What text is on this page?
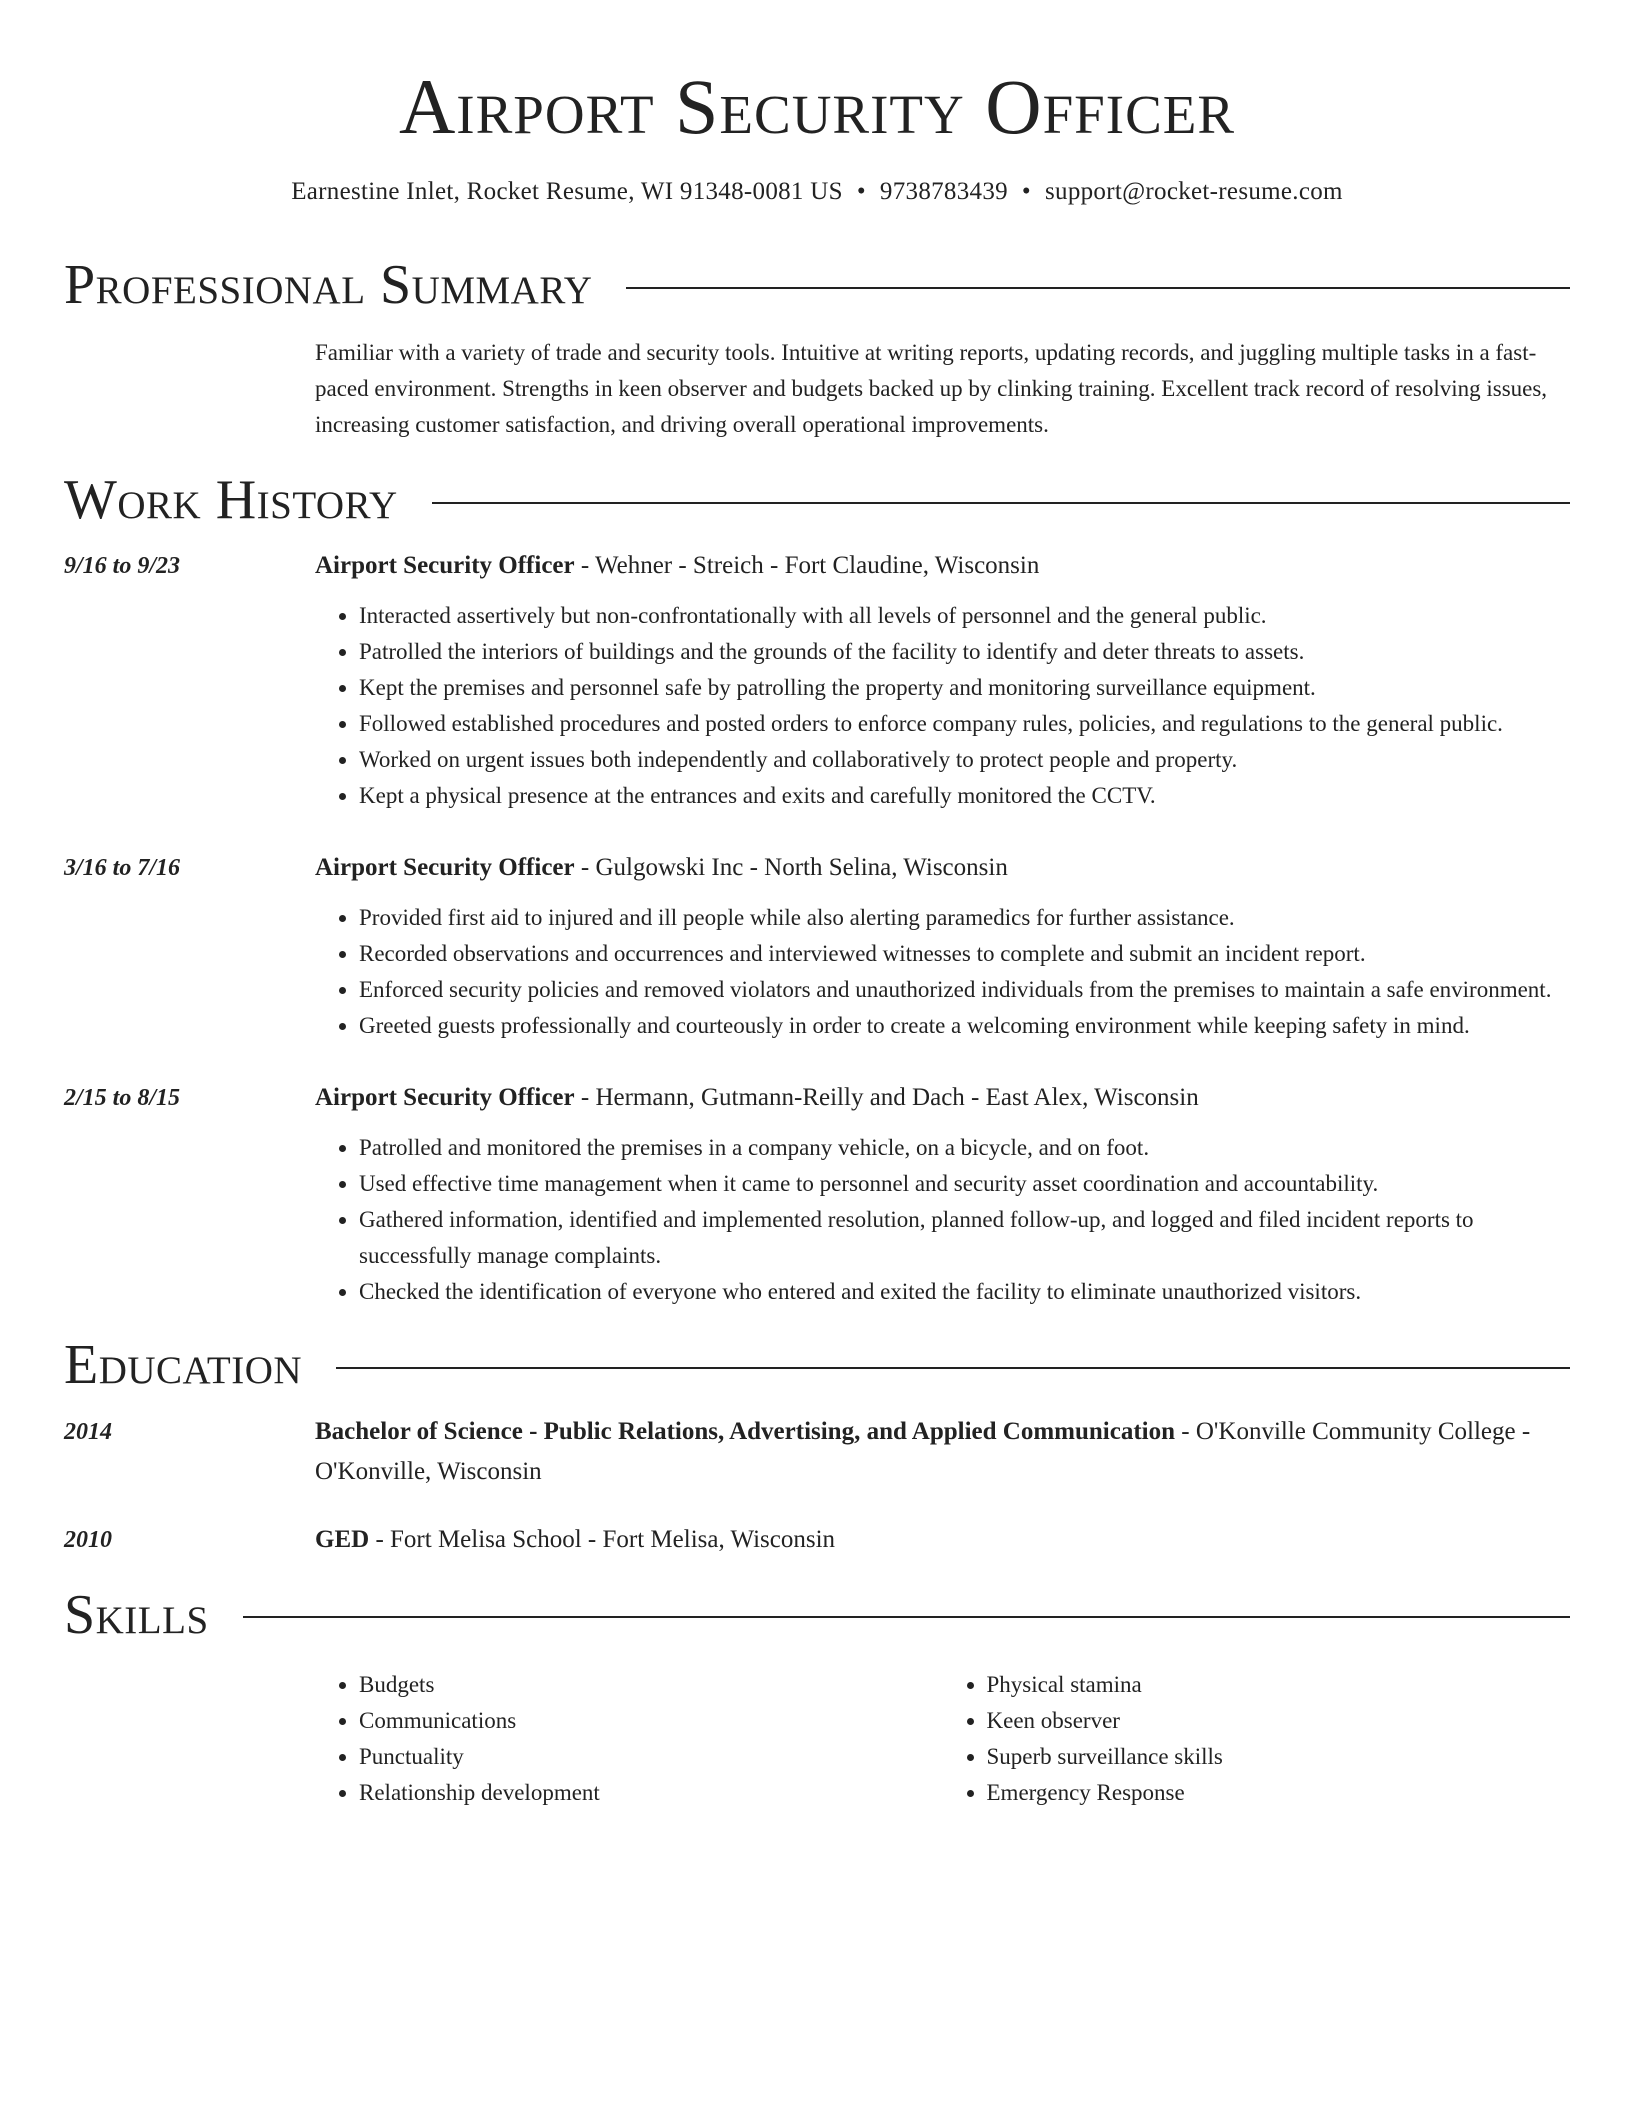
Airport Security Officer
Earnestine Inlet, Rocket Resume, WI 91348-0081 US • 9738783439 • support@rocket-resume.com
Professional Summary
Familiar with a variety of trade and security tools. Intuitive at writing reports, updating records, and juggling multiple tasks in a fast-paced environment. Strengths in keen observer and budgets backed up by clinking training. Excellent track record of resolving issues, increasing customer satisfaction, and driving overall operational improvements.
Work History
9/16 to 9/23	Airport Security Officer - Wehner - Streich - Fort Claudine, Wisconsin
• Interacted assertively but non-confrontationally with all levels of personnel and the general public.
• Patrolled the interiors of buildings and the grounds of the facility to identify and deter threats to assets.
• Kept the premises and personnel safe by patrolling the property and monitoring surveillance equipment.
• Followed established procedures and posted orders to enforce company rules, policies, and regulations to the general public.
• Worked on urgent issues both independently and collaboratively to protect people and property.
• Kept a physical presence at the entrances and exits and carefully monitored the CCTV.
3/16 to 7/16	Airport Security Officer - Gulgowski Inc - North Selina, Wisconsin
• Provided first aid to injured and ill people while also alerting paramedics for further assistance.
• Recorded observations and occurrences and interviewed witnesses to complete and submit an incident report.
• Enforced security policies and removed violators and unauthorized individuals from the premises to maintain a safe environment.
• Greeted guests professionally and courteously in order to create a welcoming environment while keeping safety in mind.
2/15 to 8/15	Airport Security Officer - Hermann, Gutmann-Reilly and Dach - East Alex, Wisconsin
• Patrolled and monitored the premises in a company vehicle, on a bicycle, and on foot.
• Used effective time management when it came to personnel and security asset coordination and accountability.
• Gathered information, identified and implemented resolution, planned follow-up, and logged and filed incident reports to successfully manage complaints.
• Checked the identification of everyone who entered and exited the facility to eliminate unauthorized visitors.
Education
2014	Bachelor of Science - Public Relations, Advertising, and Applied Communication - O'Konville Community College - O'Konville, Wisconsin
2010	GED - Fort Melisa School - Fort Melisa, Wisconsin
Skills
• Budgets
• Communications
• Punctuality
• Relationship development
• Physical stamina
• Keen observer
• Superb surveillance skills
• Emergency Response
